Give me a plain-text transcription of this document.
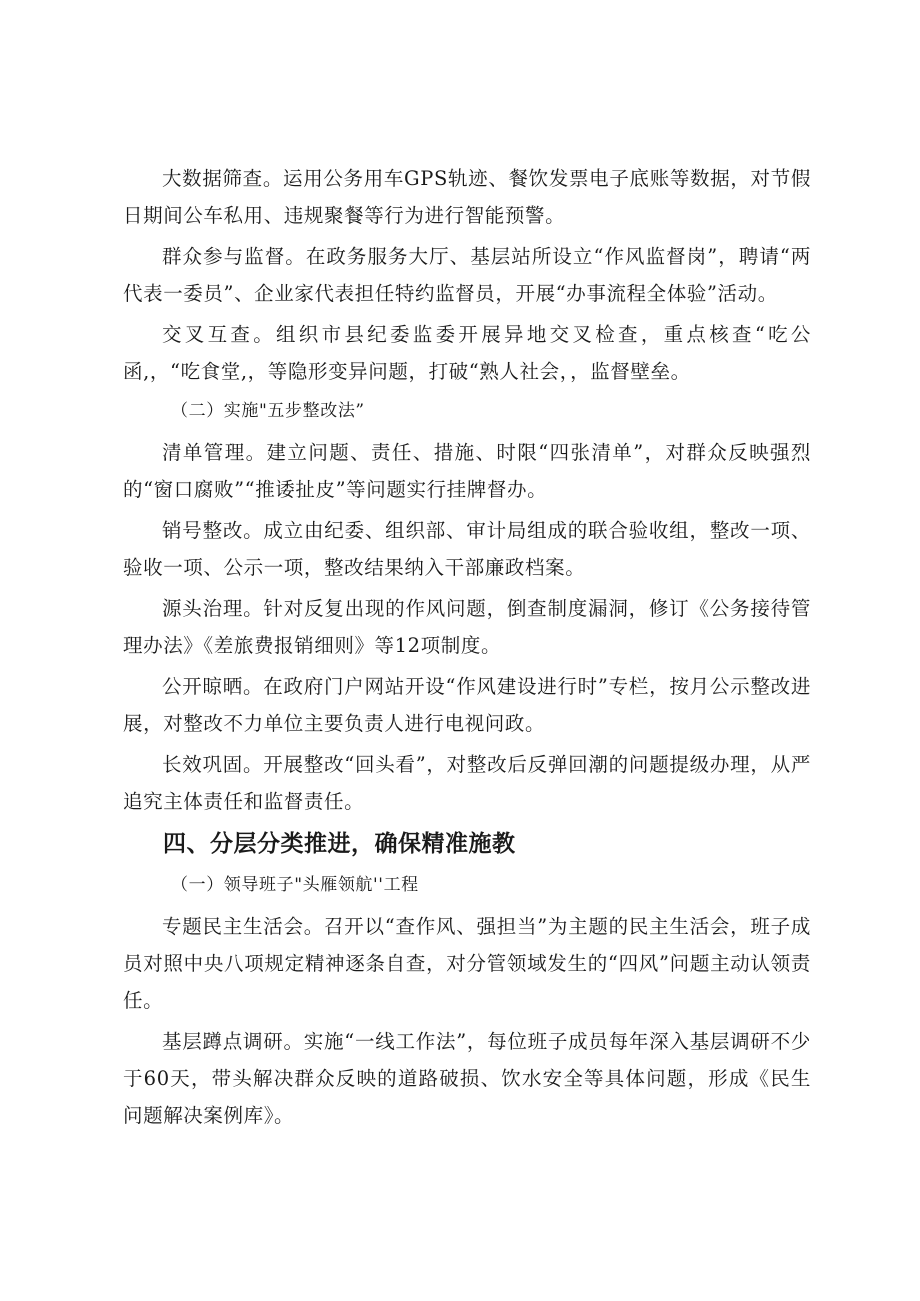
大数据筛查。运用公务用车GPS轨迹、餐饮发票电子底账等数据，对节假日期间公车私用、违规聚餐等行为进行智能预警。

群众参与监督。在政务服务大厅、基层站所设立“作风监督岗”，聘请“两代表一委员”、企业家代表担任特约监督员，开展“办事流程全体验”活动。

交叉互查。组织市县纪委监委开展异地交叉检查，重点核查“吃公函,，“吃食堂,，等隐形变异问题，打破“熟人社会，，监督壁垒。

（二）实施"五步整改法”

清单管理。建立问题、责任、措施、时限“四张清单”，对群众反映强烈的“窗口腐败”“推诿扯皮”等问题实行挂牌督办。

销号整改。成立由纪委、组织部、审计局组成的联合验收组，整改一项、验收一项、公示一项，整改结果纳入干部廉政档案。

源头治理。针对反复出现的作风问题，倒查制度漏洞，修订《公务接待管理办法》《差旅费报销细则》等12项制度。

公开晾晒。在政府门户网站开设“作风建设进行时”专栏，按月公示整改进展，对整改不力单位主要负责人进行电视问政。

长效巩固。开展整改“回头看”，对整改后反弹回潮的问题提级办理，从严追究主体责任和监督责任。

四、分层分类推进，确保精准施教

（一）领导班子"头雁领航''工程

专题民主生活会。召开以“查作风、强担当”为主题的民主生活会，班子成员对照中央八项规定精神逐条自查，对分管领域发生的“四风”问题主动认领责任。

基层蹲点调研。实施“一线工作法”，每位班子成员每年深入基层调研不少于60天，带头解决群众反映的道路破损、饮水安全等具体问题，形成《民生问题解决案例库》。
